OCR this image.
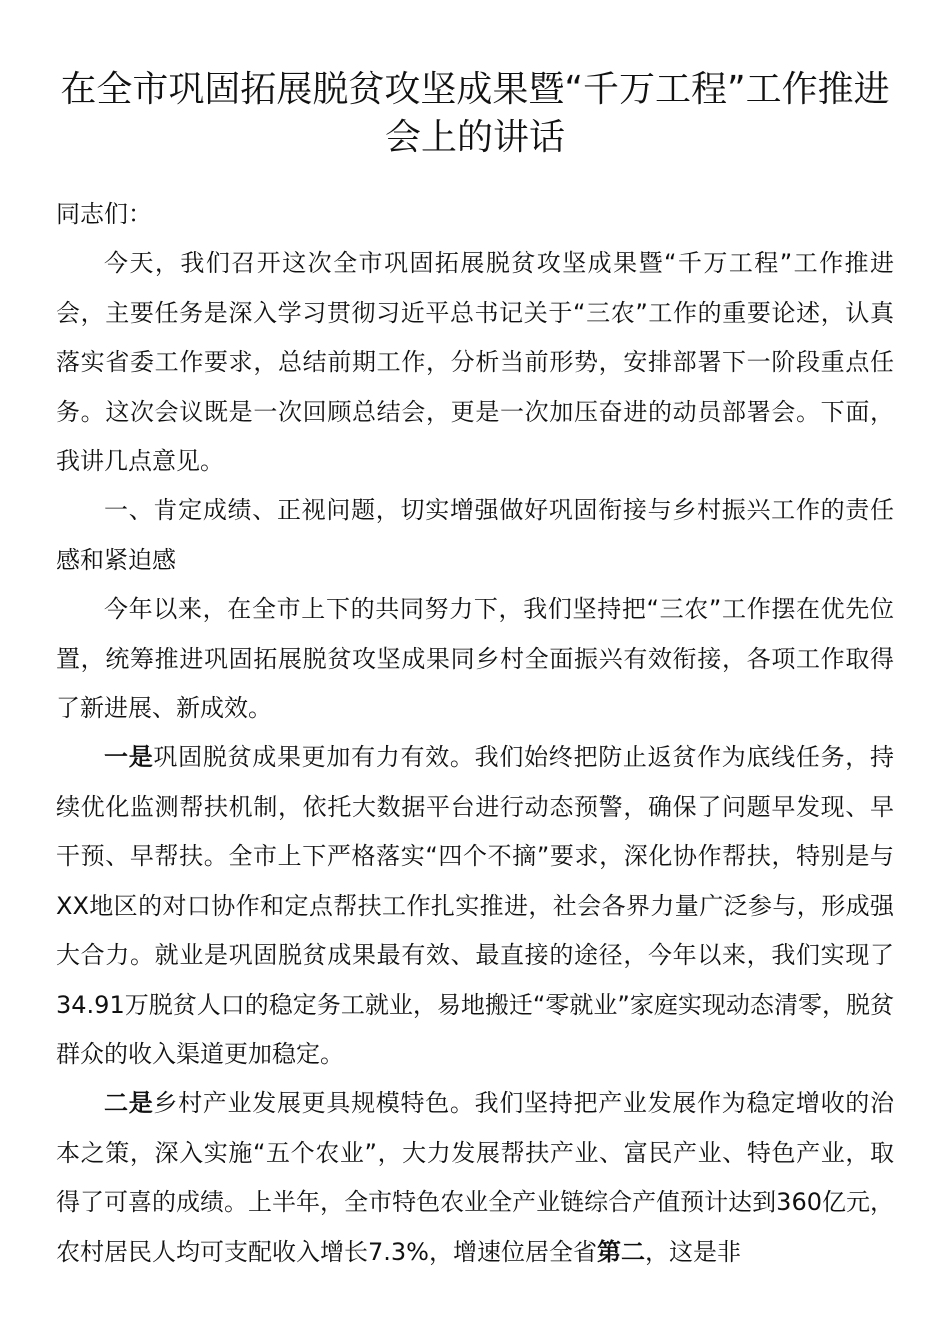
在全市巩固拓展脱贫攻坚成果暨“千万工程”工作推进会上的讲话

同志们：

今天，我们召开这次全市巩固拓展脱贫攻坚成果暨“千万工程”工作推进会，主要任务是深入学习贯彻习近平总书记关于“三农”工作的重要论述，认真落实省委工作要求，总结前期工作，分析当前形势，安排部署下一阶段重点任务。这次会议既是一次回顾总结会，更是一次加压奋进的动员部署会。下面，我讲几点意见。

一、肯定成绩、正视问题，切实增强做好巩固衔接与乡村振兴工作的责任感和紧迫感

今年以来，在全市上下的共同努力下，我们坚持把“三农”工作摆在优先位置，统筹推进巩固拓展脱贫攻坚成果同乡村全面振兴有效衔接，各项工作取得了新进展、新成效。

一是巩固脱贫成果更加有力有效。我们始终把防止返贫作为底线任务，持续优化监测帮扶机制，依托大数据平台进行动态预警，确保了问题早发现、早干预、早帮扶。全市上下严格落实“四个不摘”要求，深化协作帮扶，特别是与XX地区的对口协作和定点帮扶工作扎实推进，社会各界力量广泛参与，形成强大合力。就业是巩固脱贫成果最有效、最直接的途径，今年以来，我们实现了34.91万脱贫人口的稳定务工就业，易地搬迁“零就业”家庭实现动态清零，脱贫群众的收入渠道更加稳定。

二是乡村产业发展更具规模特色。我们坚持把产业发展作为稳定增收的治本之策，深入实施“五个农业”，大力发展帮扶产业、富民产业、特色产业，取得了可喜的成绩。上半年，全市特色农业全产业链综合产值预计达到360亿元，农村居民人均可支配收入增长7.3%，增速位居全省第二，这是非
